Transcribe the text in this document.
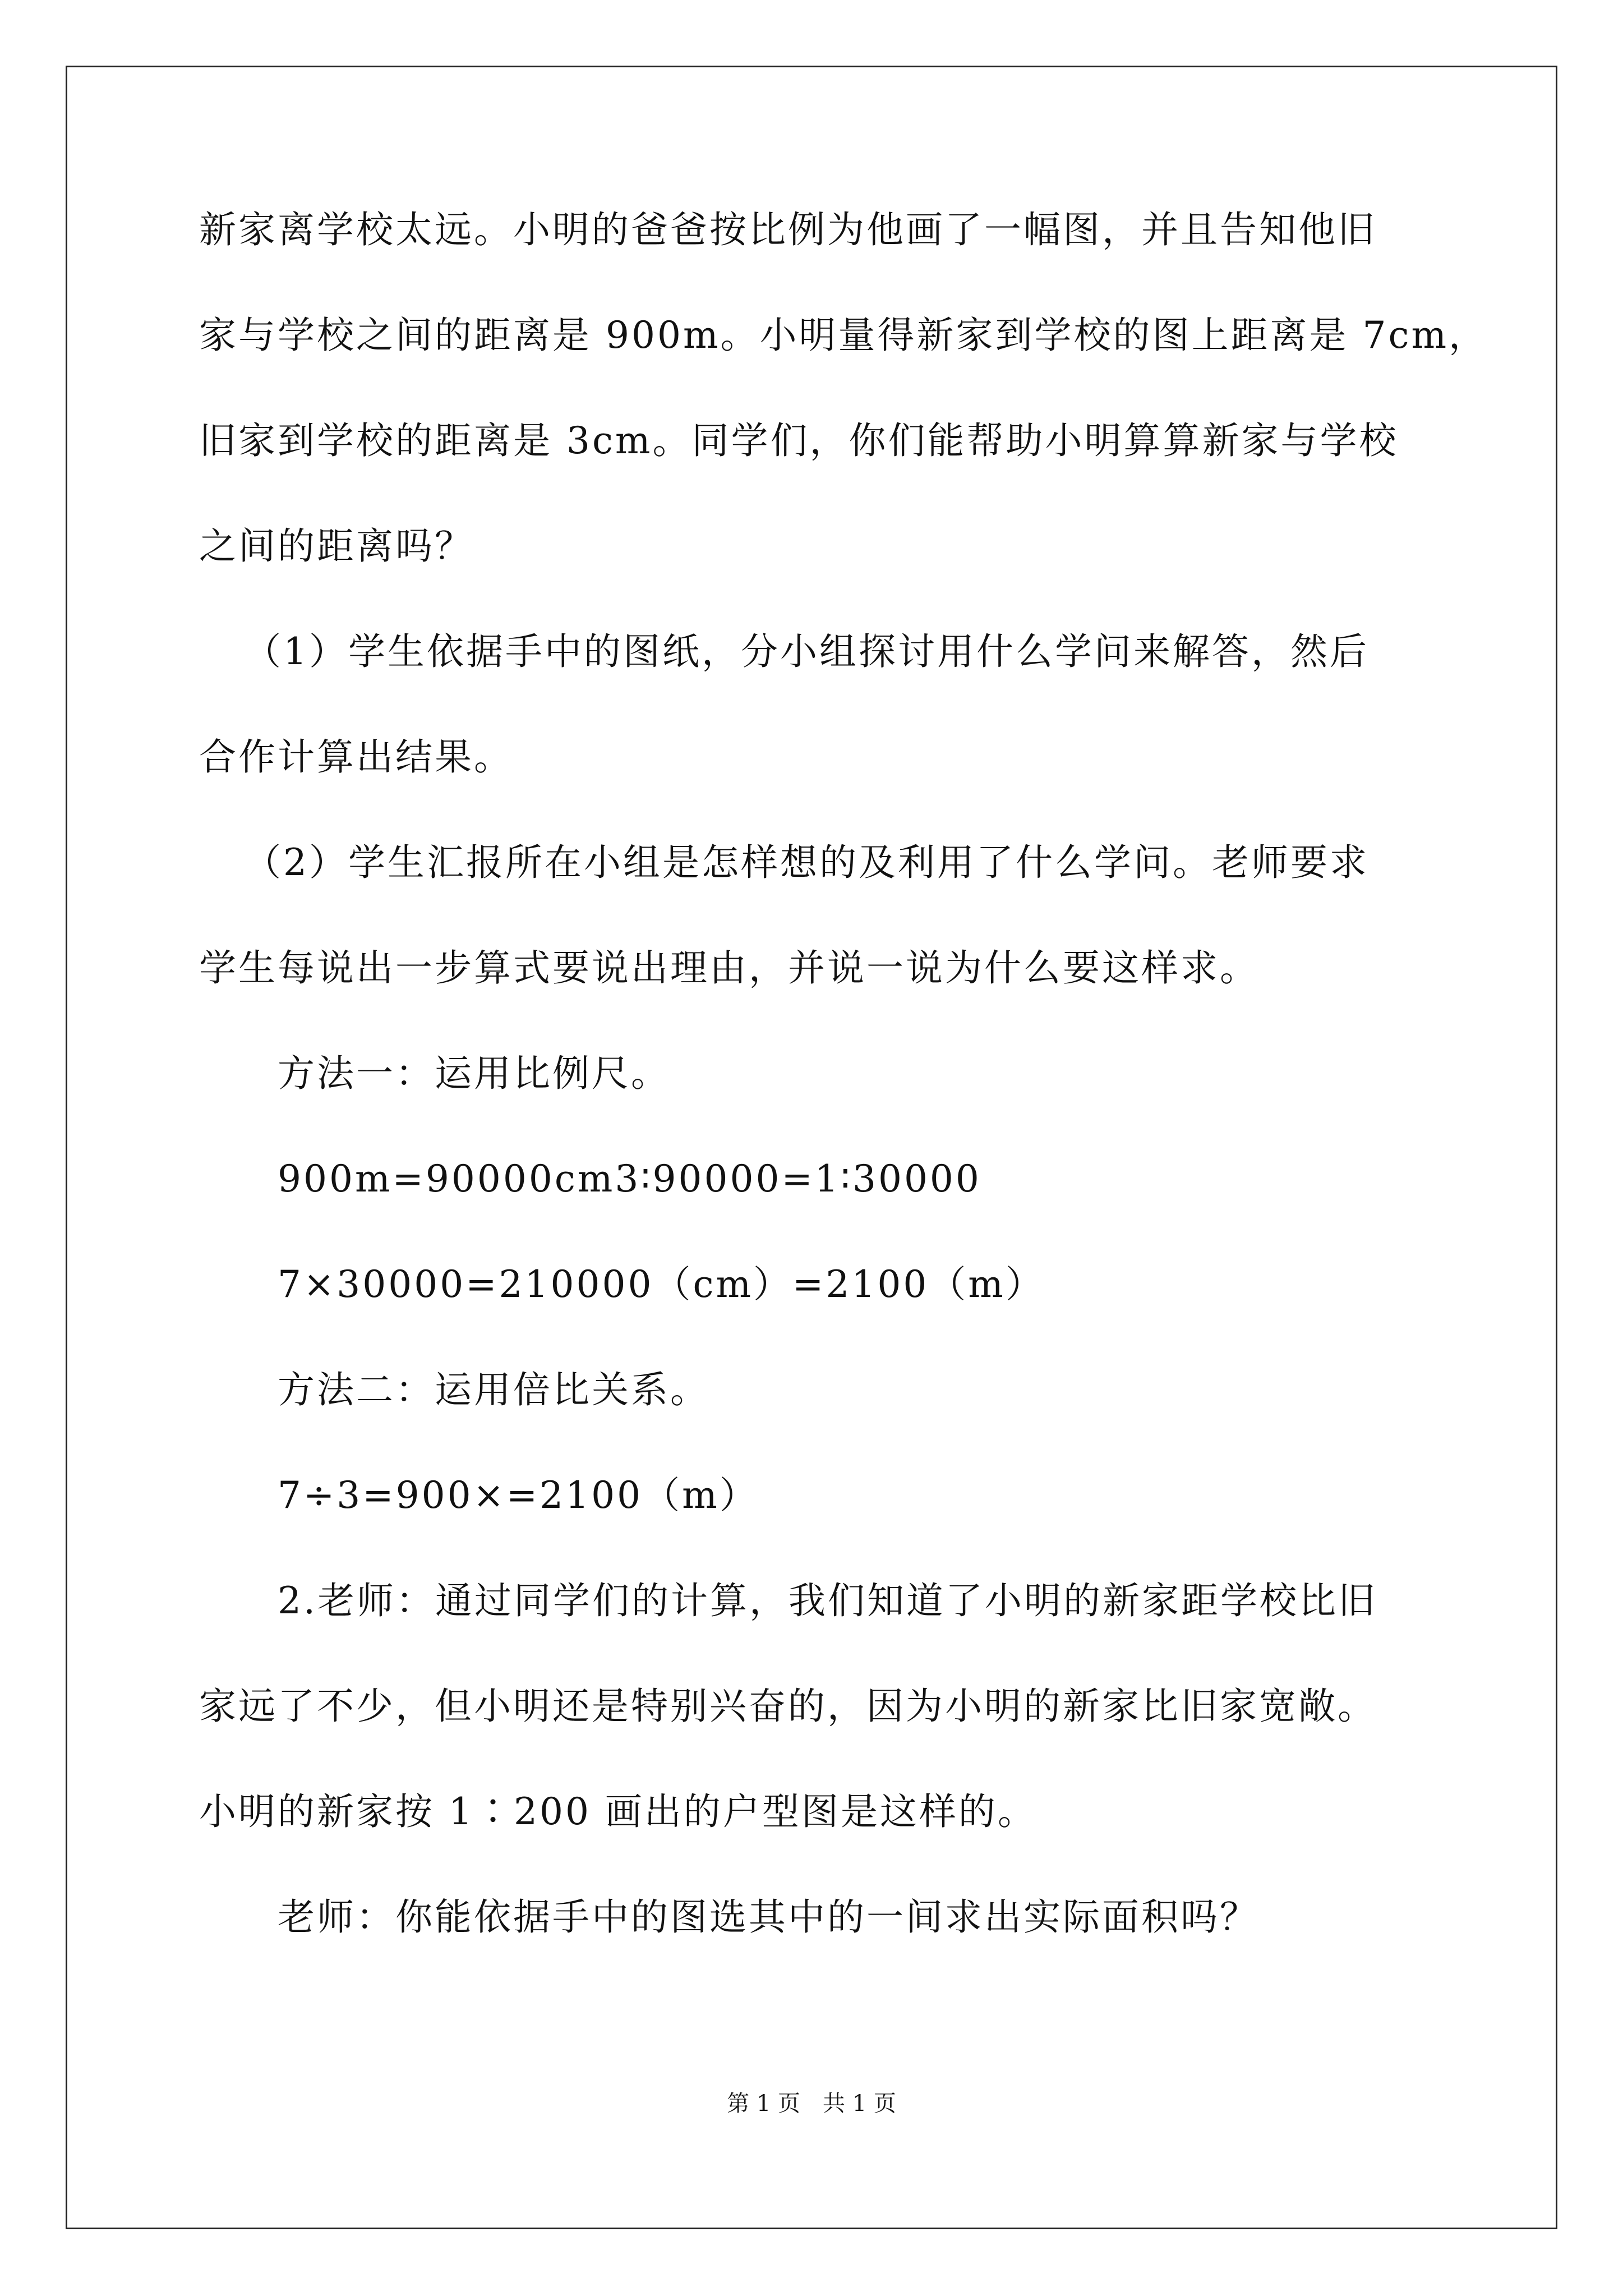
新家离学校太远。小明的爸爸按比例为他画了一幅图，并且告知他旧
家与学校之间的距离是 900m。小明量得新家到学校的图上距离是 7cm，
旧家到学校的距离是 3cm。同学们，你们能帮助小明算算新家与学校
之间的距离吗？
（1）学生依据手中的图纸，分小组探讨用什么学问来解答，然后
合作计算出结果。
（2）学生汇报所在小组是怎样想的及利用了什么学问。老师要求
学生每说出一步算式要说出理由，并说一说为什么要这样求。
方法一：运用比例尺。
900m=90000cm3∶90000=1∶30000
7×30000=210000（cm）=2100（m）
方法二：运用倍比关系。
7÷3=900×=2100（m）
2.老师：通过同学们的计算，我们知道了小明的新家距学校比旧
家远了不少，但小明还是特别兴奋的，因为小明的新家比旧家宽敞。
小明的新家按 1∶200 画出的户型图是这样的。
老师：你能依据手中的图选其中的一间求出实际面积吗？
第 1 页　共 1 页
